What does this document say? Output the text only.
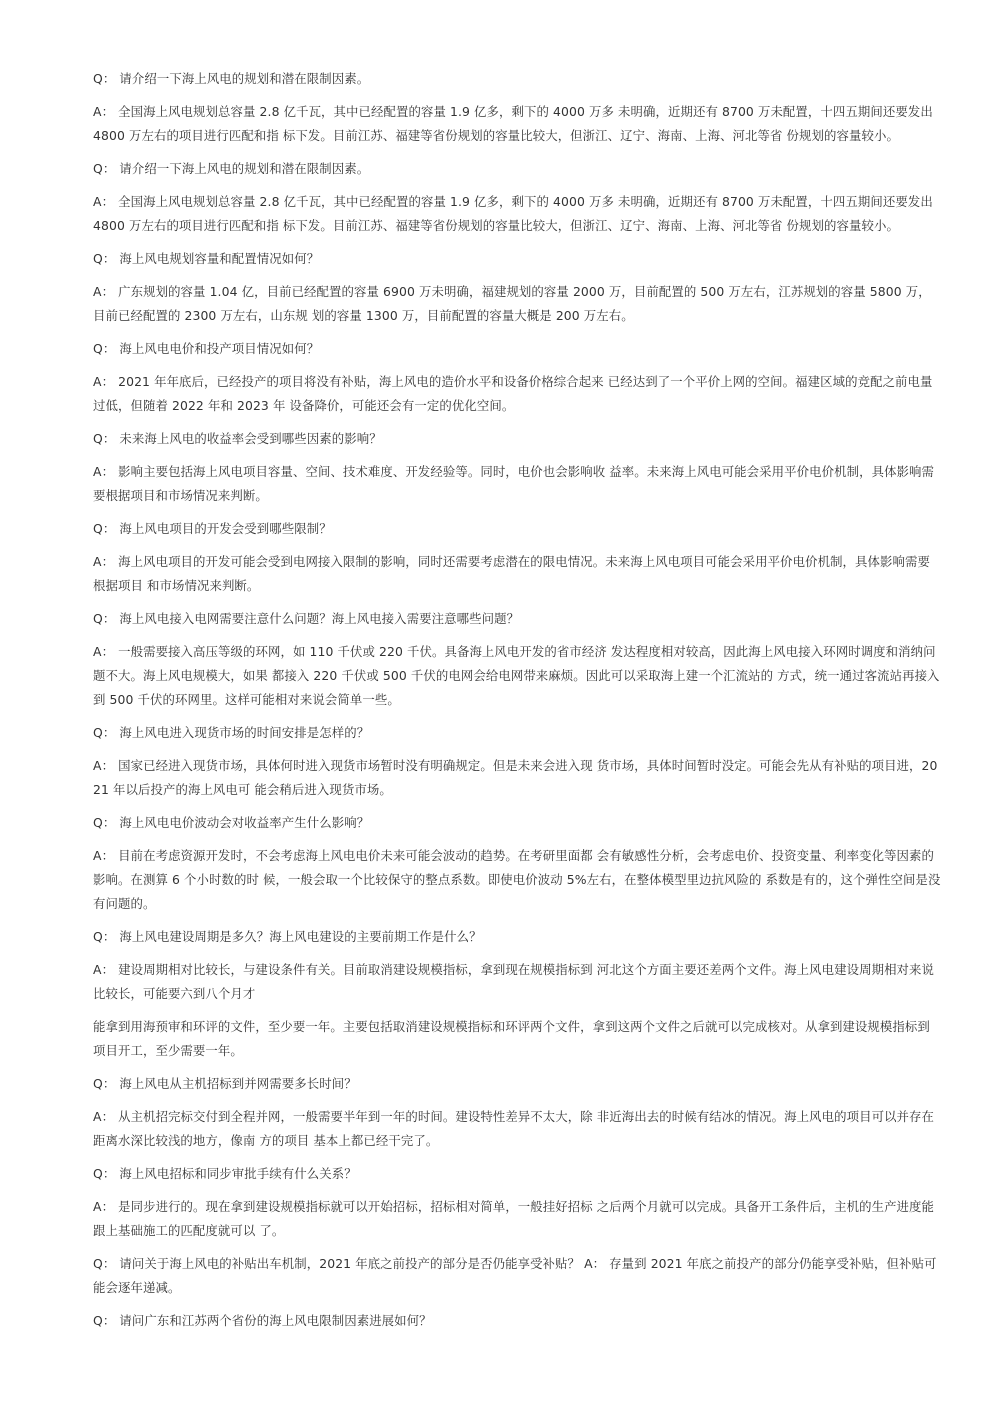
Q： 请介绍一下海上风电的规划和潜在限制因素。

A： 全国海上风电规划总容量 2.8 亿千瓦，其中已经配置的容量 1.9 亿多，剩下的 4000 万多 未明确，近期还有 8700 万未配置，十四五期间还要发出 4800 万左右的项目进行匹配和指 标下发。目前江苏、福建等省份规划的容量比较大，但浙江、辽宁、海南、上海、河北等省 份规划的容量较小。

Q： 请介绍一下海上风电的规划和潜在限制因素。

A： 全国海上风电规划总容量 2.8 亿千瓦，其中已经配置的容量 1.9 亿多，剩下的 4000 万多 未明确，近期还有 8700 万未配置，十四五期间还要发出 4800 万左右的项目进行匹配和指 标下发。目前江苏、福建等省份规划的容量比较大，但浙江、辽宁、海南、上海、河北等省 份规划的容量较小。

Q： 海上风电规划容量和配置情况如何？

A： 广东规划的容量 1.04 亿，目前已经配置的容量 6900 万未明确，福建规划的容量 2000 万，目前配置的 500 万左右，江苏规划的容量 5800 万，目前已经配置的 2300 万左右，山东规 划的容量 1300 万，目前配置的容量大概是 200 万左右。

Q： 海上风电电价和投产项目情况如何？

A： 2021 年年底后，已经投产的项目将没有补贴，海上风电的造价水平和设备价格综合起来 已经达到了一个平价上网的空间。福建区域的竞配之前电量过低，但随着 2022 年和 2023 年 设备降价，可能还会有一定的优化空间。

Q： 未来海上风电的收益率会受到哪些因素的影响？

A： 影响主要包括海上风电项目容量、空间、技术难度、开发经验等。同时，电价也会影响收 益率。未来海上风电可能会采用平价电价机制，具体影响需要根据项目和市场情况来判断。

Q： 海上风电项目的开发会受到哪些限制？

A： 海上风电项目的开发可能会受到电网接入限制的影响，同时还需要考虑潜在的限电情况。未来海上风电项目可能会采用平价电价机制，具体影响需要根据项目 和市场情况来判断。

Q： 海上风电接入电网需要注意什么问题？海上风电接入需要注意哪些问题？

A： 一般需要接入高压等级的环网，如 110 千伏或 220 千伏。具备海上风电开发的省市经济 发达程度相对较高，因此海上风电接入环网时调度和消纳问题不大。海上风电规模大，如果 都接入 220 千伏或 500 千伏的电网会给电网带来麻烦。因此可以采取海上建一个汇流站的 方式，统一通过客流站再接入到 500 千伏的环网里。这样可能相对来说会简单一些。

Q： 海上风电进入现货市场的时间安排是怎样的？

A： 国家已经进入现货市场，具体何时进入现货市场暂时没有明确规定。但是未来会进入现 货市场，具体时间暂时没定。可能会先从有补贴的项目进，2021 年以后投产的海上风电可 能会稍后进入现货市场。

Q： 海上风电电价波动会对收益率产生什么影响？

A： 目前在考虑资源开发时，不会考虑海上风电电价未来可能会波动的趋势。在考研里面都 会有敏感性分析，会考虑电价、投资变量、利率变化等因素的影响。在测算 6 个小时数的时 候，一般会取一个比较保守的整点系数。即使电价波动 5%左右，在整体模型里边抗风险的 系数是有的，这个弹性空间是没有问题的。

Q： 海上风电建设周期是多久？海上风电建设的主要前期工作是什么？

A： 建设周期相对比较长，与建设条件有关。目前取消建设规模指标，拿到现在规模指标到 河北这个方面主要还差两个文件。海上风电建设周期相对来说比较长，可能要六到八个月才

能拿到用海预审和环评的文件，至少要一年。主要包括取消建设规模指标和环评两个文件，拿到这两个文件之后就可以完成核对。从拿到建设规模指标到项目开工，至少需要一年。

Q： 海上风电从主机招标到并网需要多长时间？

A： 从主机招完标交付到全程并网，一般需要半年到一年的时间。建设特性差异不太大，除 非近海出去的时候有结冰的情况。海上风电的项目可以并存在距离水深比较浅的地方，像南 方的项目 基本上都已经干完了。

Q： 海上风电招标和同步审批手续有什么关系？

A： 是同步进行的。现在拿到建设规模指标就可以开始招标，招标相对简单，一般挂好招标 之后两个月就可以完成。具备开工条件后，主机的生产进度能跟上基础施工的匹配度就可以 了。

Q： 请问关于海上风电的补贴出车机制，2021 年底之前投产的部分是否仍能享受补贴？ A： 存量到 2021 年底之前投产的部分仍能享受补贴，但补贴可能会逐年递减。

Q： 请问广东和江苏两个省份的海上风电限制因素进展如何？
